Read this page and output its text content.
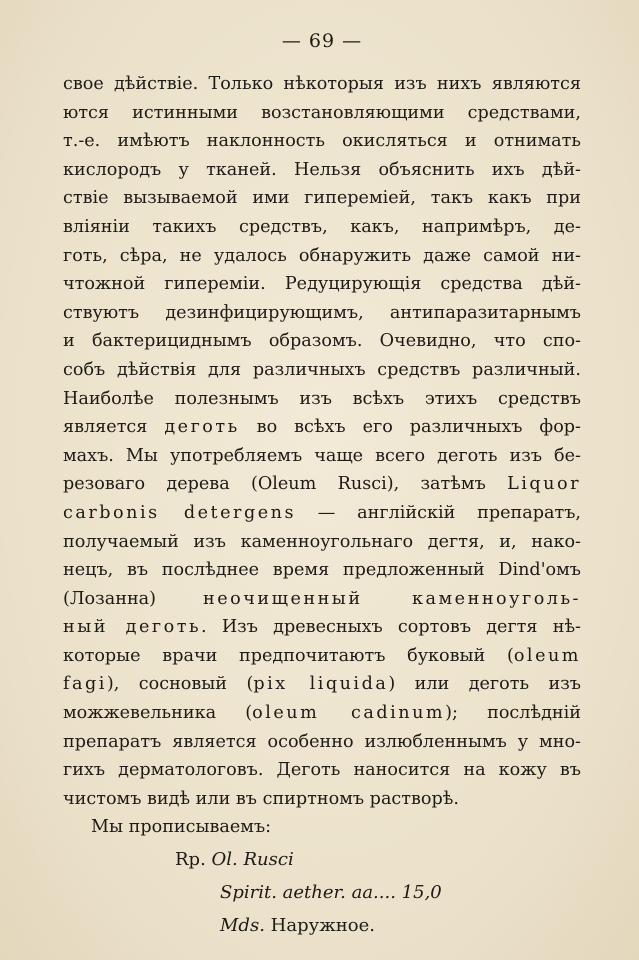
— 69 —
свое дѣйствіе. Только нѣкоторыя изъ нихъ являются
ются истинными возстановляющими средствами,
т.-е. имѣютъ наклонность окисляться и отнимать
кислородъ у тканей. Нельзя объяснить ихъ дѣй-
ствіе вызываемой ими гипереміей, такъ какъ при
вліяніи такихъ средствъ, какъ, напримѣръ, де-
готь, сѣра, не удалось обнаружить даже самой ни-
чтожной гипереміи. Редуцирующія средства дѣй-
ствуютъ дезинфицирующимъ, антипаразитарнымъ
и бактерициднымъ образомъ. Очевидно, что спо-
собъ дѣйствія для различныхъ средствъ различный.
Наиболѣе полезнымъ изъ всѣхъ этихъ средствъ
является деготь во всѣхъ его различныхъ фор-
махъ. Мы употребляемъ чаще всего деготь изъ бе-
резоваго дерева (Oleum Rusci), затѣмъ Liquor
carbonis detergens — англійскій препаратъ,
получаемый изъ каменноугольнаго дегтя, и, нако-
нецъ, въ послѣднее время предложенный Dind'омъ
(Лозанна) неочищенный каменноуголь-
ный деготь. Изъ древесныхъ сортовъ дегтя нѣ-
которые врачи предпочитаютъ буковый (oleum
fagi), сосновый (pix liquida) или деготь изъ
можжевельника (oleum cadinum); послѣдній
препаратъ является особенно излюбленнымъ у мно-
гихъ дерматологовъ. Деготь наносится на кожу въ
чистомъ видѣ или въ спиртномъ растворѣ.
Мы прописываемъ:
Rp. Ol. Rusci
Spirit. aether. aa.... 15,0
Mds. Наружное.
